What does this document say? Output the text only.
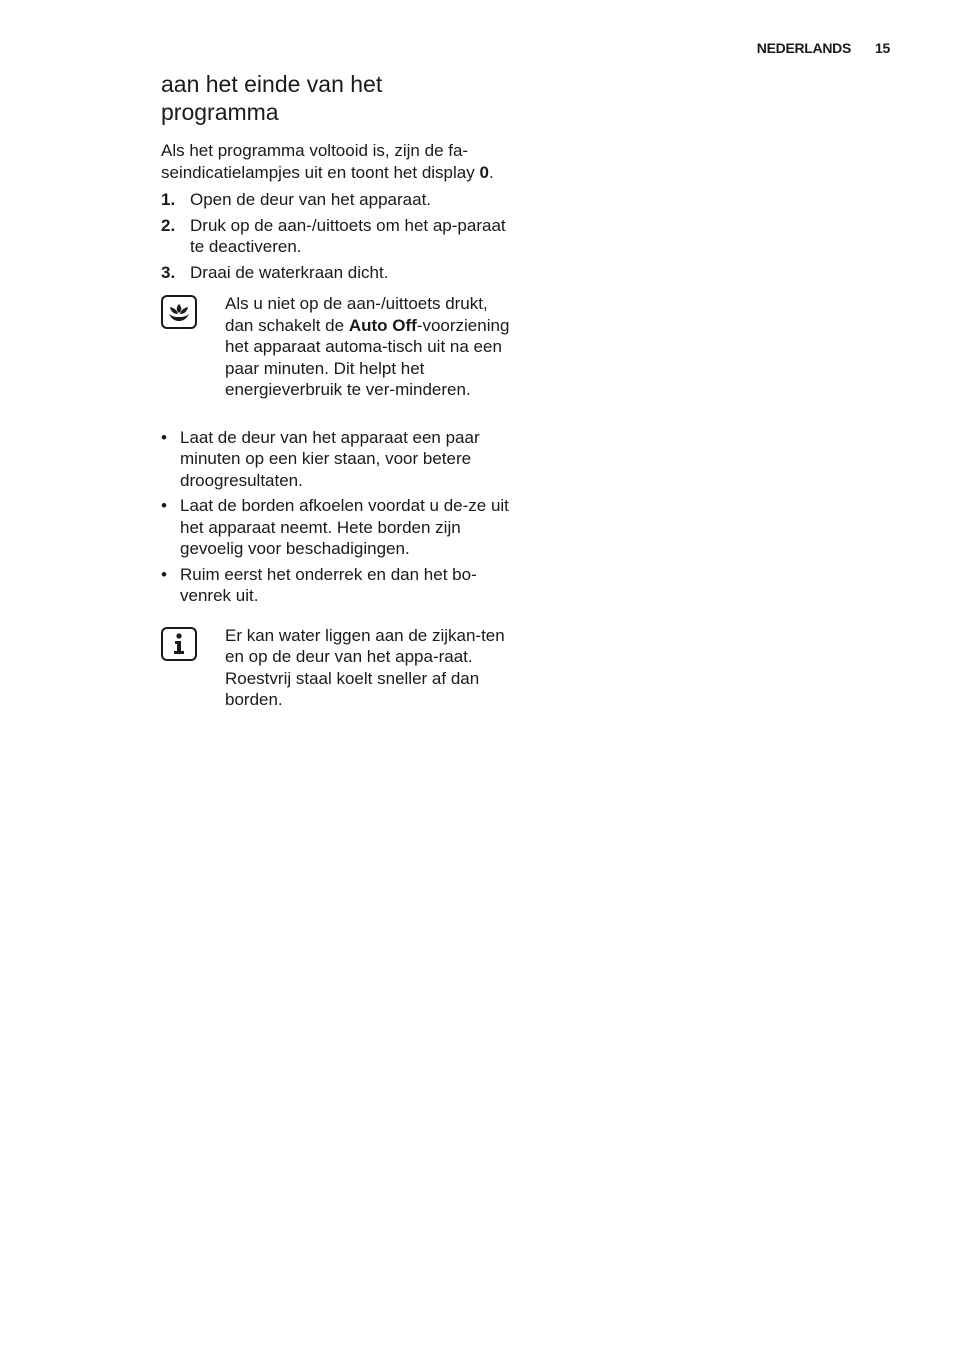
NEDERLANDS 15
aan het einde van het programma

Als het programma voltooid is, zijn de fa-seindicatielampjes uit en toont het display 0.

1. Open de deur van het apparaat.
2. Druk op de aan-/uittoets om het ap-paraat te deactiveren.
3. Draai de waterkraan dicht.

Als u niet op de aan-/uittoets drukt, dan schakelt de Auto Off-voorziening het apparaat automa-tisch uit na een paar minuten. Dit helpt het energieverbruik te ver-minderen.

• Laat de deur van het apparaat een paar minuten op een kier staan, voor betere droogresultaten.
• Laat de borden afkoelen voordat u de-ze uit het apparaat neemt. Hete borden zijn gevoelig voor beschadigingen.
• Ruim eerst het onderrek en dan het bo-venrek uit.

Er kan water liggen aan de zijkan-ten en op de deur van het appa-raat. Roestvrij staal koelt sneller af dan borden.
